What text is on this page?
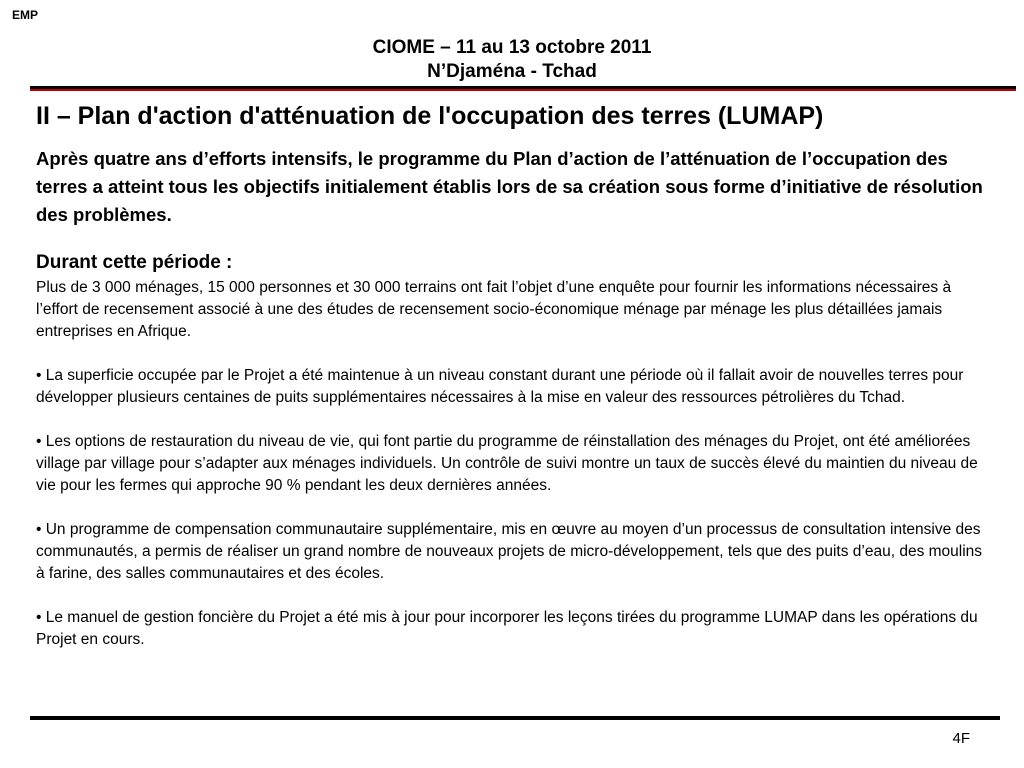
EMP
CIOME – 11 au 13 octobre 2011
N’Djaména - Tchad
II – Plan d'action d'atténuation de l'occupation des terres (LUMAP)

Après quatre ans d’efforts intensifs, le programme du Plan d’action de l’atténuation de l’occupation des terres a atteint tous les objectifs initialement établis lors de sa création sous forme d’initiative de résolution des problèmes.

Durant cette période :

Plus de 3 000 ménages, 15 000 personnes et 30 000 terrains ont fait l’objet d’une enquête pour fournir les informations nécessaires à l’effort de recensement associé à une des études de recensement socio-économique ménage par ménage les plus détaillées jamais entreprises en Afrique.

• La superficie occupée par le Projet a été maintenue à un niveau constant durant une période où il fallait avoir de nouvelles terres pour développer plusieurs centaines de puits supplémentaires nécessaires à la mise en valeur des ressources pétrolières du Tchad.

• Les options de restauration du niveau de vie, qui font partie du programme de réinstallation des ménages du Projet, ont été améliorées village par village pour s’adapter aux ménages individuels. Un contrôle de suivi montre un taux de succès élevé du maintien du niveau de vie pour les fermes qui approche 90 % pendant les deux dernières années.

• Un programme de compensation communautaire supplémentaire, mis en œuvre au moyen d’un processus de consultation intensive des communautés, a permis de réaliser un grand nombre de nouveaux projets de micro-développement, tels que des puits d’eau, des moulins à farine, des salles communautaires et des écoles.

• Le manuel de gestion foncière du Projet a été mis à jour pour incorporer les leçons tirées du programme LUMAP dans les opérations du Projet en cours.

4F
